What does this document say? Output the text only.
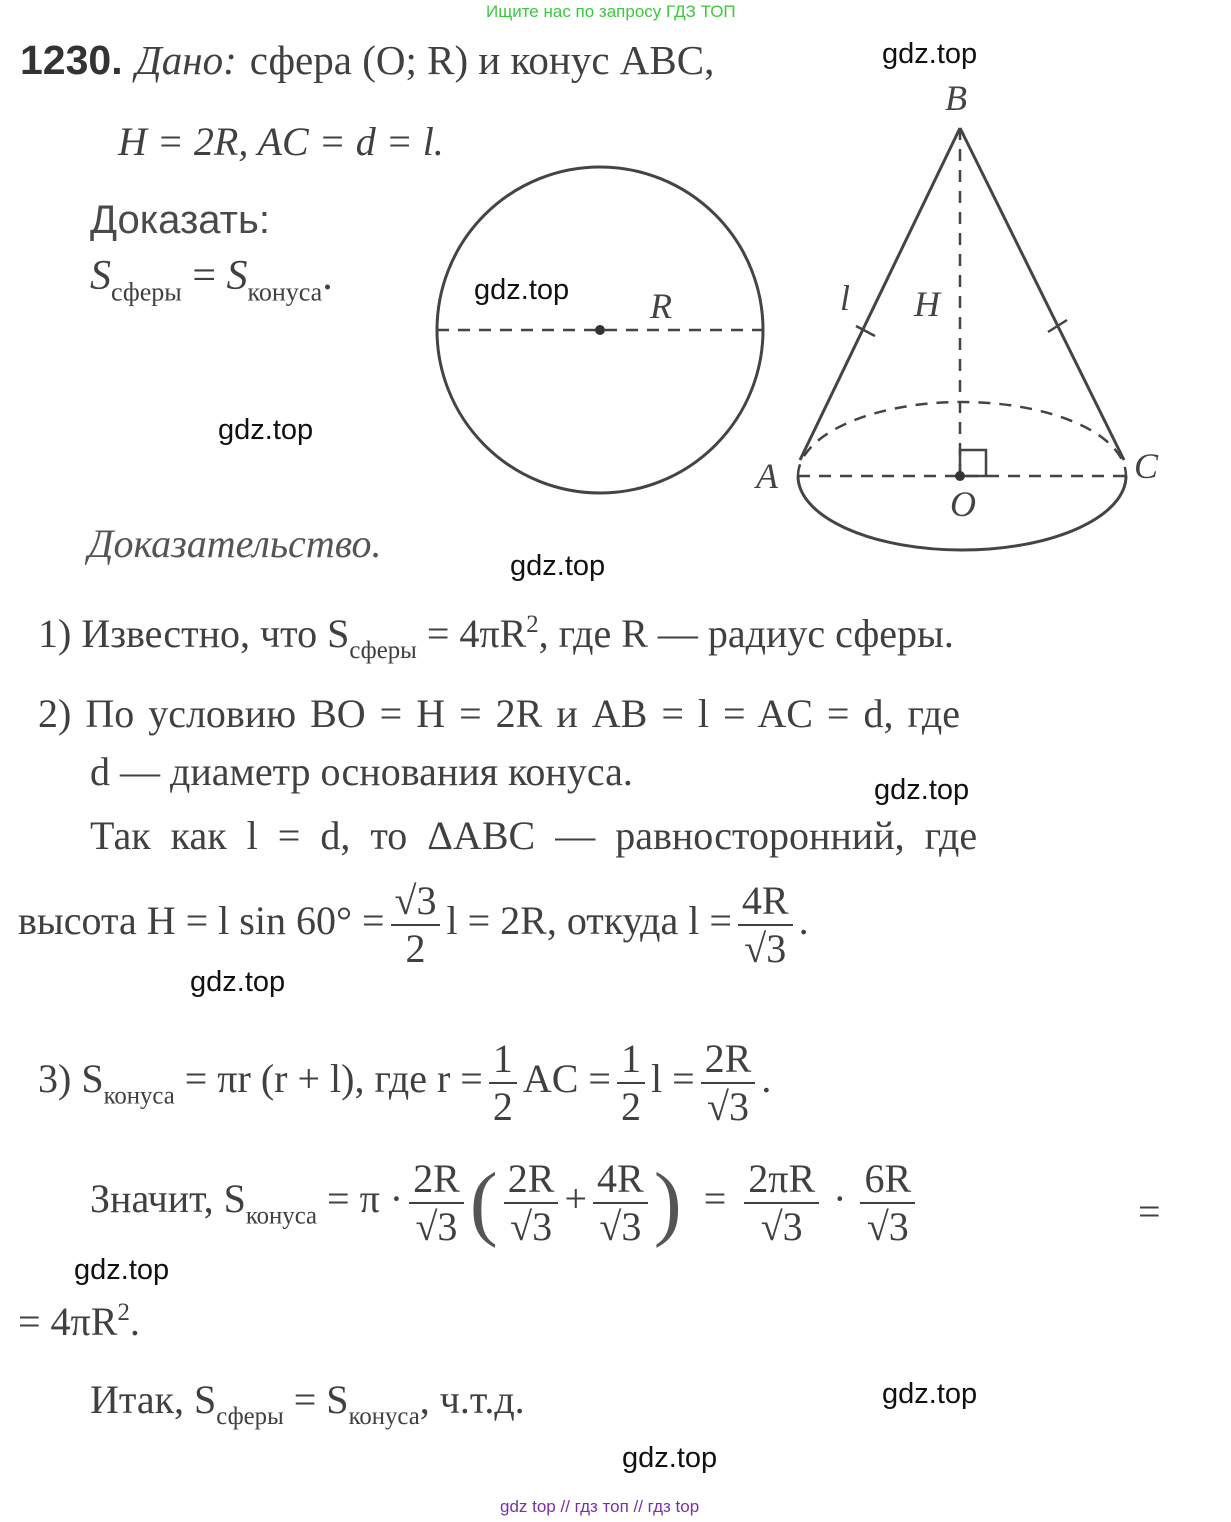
Ищите нас по запросу ГДЗ ТОП
1230. Дано: сфера (O; R) и конус ABC,
H = 2R, AC = d = l.
Доказать:
$S_{сферы} = S_{конуса}$.
R
B
l H
A
O
C
Доказательство.
1) Известно, что $S_{сферы} = 4\pi R^2$, где R — радиус сферы.
2) По условию BO = H = 2R и AB = l = AC = d, где
d — диаметр основания конуса.
Так как l = d, то ΔABC — равносторонний, где
высота H = l $\sin 60^\circ = \frac{√3}{2}$ l = 2R, откуда $l = \frac{4R}{√3}$ .
3) $S_{конуса} = \pi r$ (r + l), где $r = \frac{1}{2}$ AC = $\frac{1}{2}$ $l = \frac{2R}{√3}$ .
Значит, $S_{конуса} = \pi \cdot \frac{2R}{√3}$ ( $\frac{2R}{√3} + \frac{4R}{√3}$ ) = $\frac{2\pi R}{√3} \cdot \frac{6R}{√3}$	=
= $4\pi R^2$.
Итак, $S_{сферы} = S_{конуса}$, ч.т.д.
gdz.top
gdz.top
gdz.top
gdz.top
gdz.top
gdz.top
gdz.top
gdz.top
gdz.top
gdz top // гдз топ // гдз top
